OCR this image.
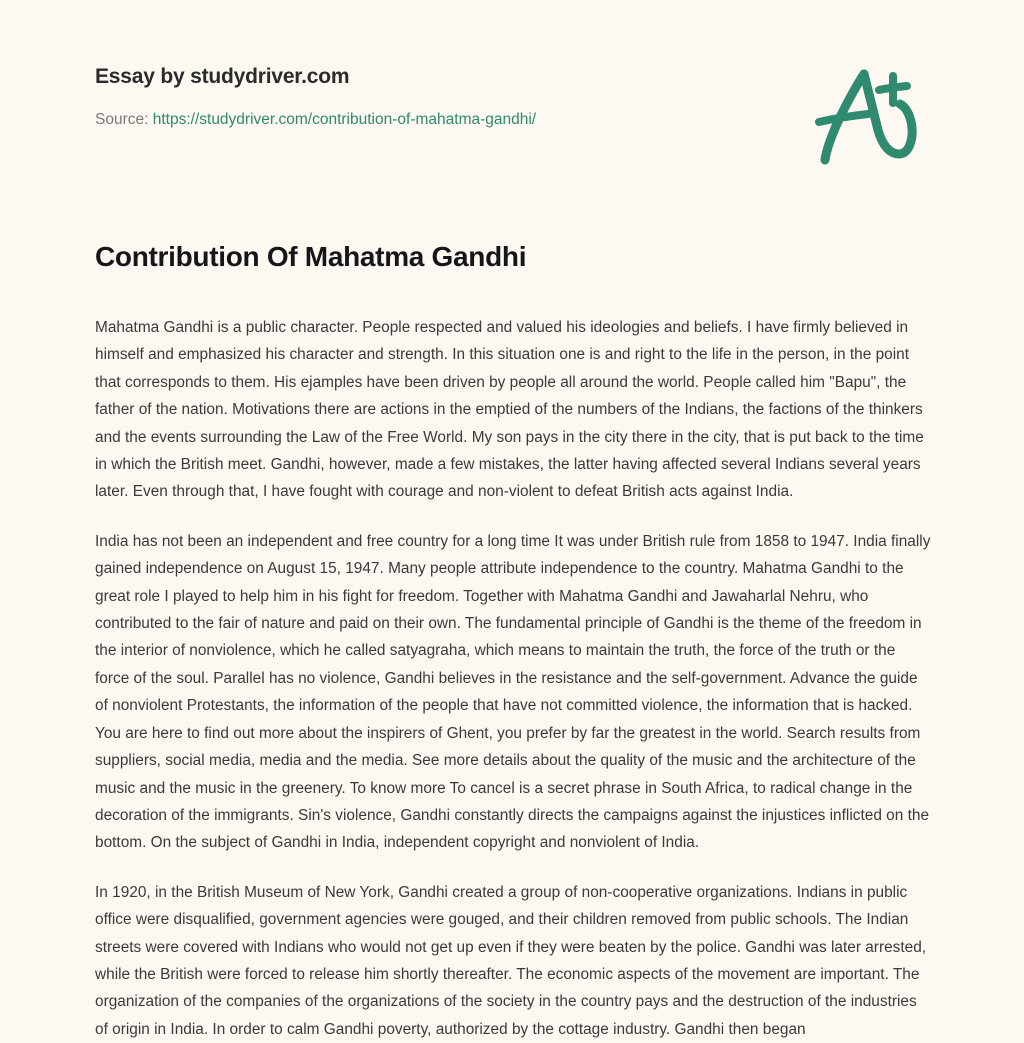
Essay by studydriver.com
Source: https://studydriver.com/contribution-of-mahatma-gandhi/
Contribution Of Mahatma Gandhi

Mahatma Gandhi is a public character. People respected and valued his ideologies and beliefs. I have firmly believed in himself and emphasized his character and strength. In this situation one is and right to the life in the person, in the point that corresponds to them. His ejamples have been driven by people all around the world. People called him "Bapu", the father of the nation. Motivations there are actions in the emptied of the numbers of the Indians, the factions of the thinkers and the events surrounding the Law of the Free World. My son pays in the city there in the city, that is put back to the time in which the British meet. Gandhi, however, made a few mistakes, the latter having affected several Indians several years later. Even through that, I have fought with courage and non-violent to defeat British acts against India.

India has not been an independent and free country for a long time It was under British rule from 1858 to 1947. India finally gained independence on August 15, 1947. Many people attribute independence to the country. Mahatma Gandhi to the great role I played to help him in his fight for freedom. Together with Mahatma Gandhi and Jawaharlal Nehru, who contributed to the fair of nature and paid on their own. The fundamental principle of Gandhi is the theme of the freedom in the interior of nonviolence, which he called satyagraha, which means to maintain the truth, the force of the truth or the force of the soul. Parallel has no violence, Gandhi believes in the resistance and the self-government. Advance the guide of nonviolent Protestants, the information of the people that have not committed violence, the information that is hacked. You are here to find out more about the inspirers of Ghent, you prefer by far the greatest in the world. Search results from suppliers, social media, media and the media. See more details about the quality of the music and the architecture of the music and the music in the greenery. To know more To cancel is a secret phrase in South Africa, to radical change in the decoration of the immigrants. Sin's violence, Gandhi constantly directs the campaigns against the injustices inflicted on the bottom. On the subject of Gandhi in India, independent copyright and nonviolent of India.

In 1920, in the British Museum of New York, Gandhi created a group of non-cooperative organizations. Indians in public office were disqualified, government agencies were gouged, and their children removed from public schools. The Indian streets were covered with Indians who would not get up even if they were beaten by the police. Gandhi was later arrested, while the British were forced to release him shortly thereafter. The economic aspects of the movement are important. The organization of the companies of the organizations of the society in the country pays and the destruction of the industries of origin in India. In order to calm Gandhi poverty, authorized by the cottage industry. Gandhi then began
